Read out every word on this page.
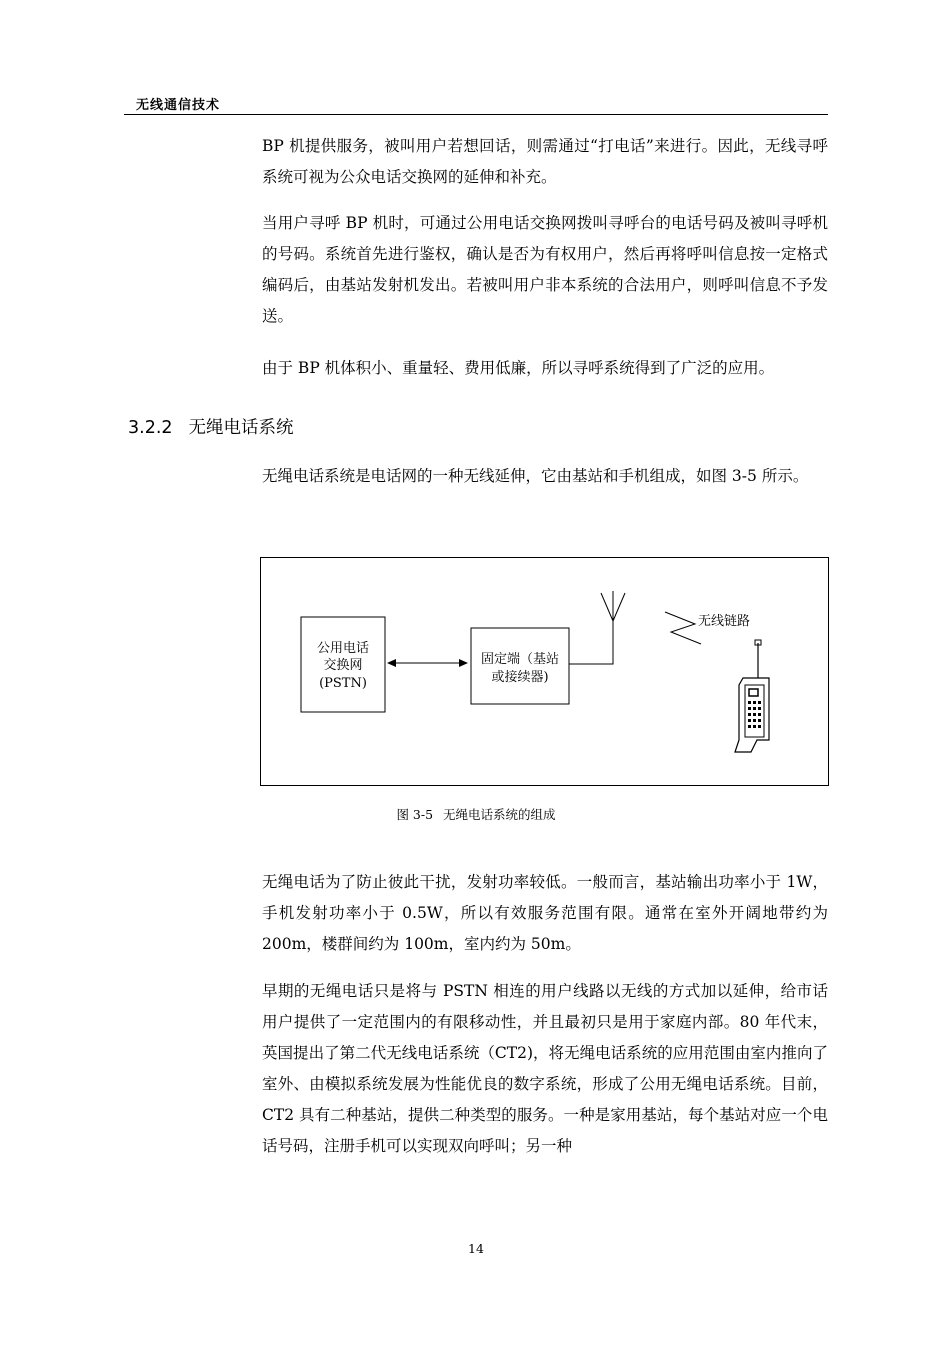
无线通信技术

BP 机提供服务，被叫用户若想回话，则需通过“打电话”来进行。因此，无线寻呼系统可视为公众电话交换网的延伸和补充。

当用户寻呼 BP 机时，可通过公用电话交换网拨叫寻呼台的电话号码及被叫寻呼机的号码。系统首先进行鉴权，确认是否为有权用户，然后再将呼叫信息按一定格式编码后，由基站发射机发出。若被叫用户非本系统的合法用户，则呼叫信息不予发送。

由于 BP 机体积小、重量轻、费用低廉，所以寻呼系统得到了广泛的应用。

3.2.2 无绳电话系统

无绳电话系统是电话网的一种无线延伸，它由基站和手机组成，如图 3-5 所示。

公用电话
交换网
(PSTN)
固定端（基站
或接续器)
无线链路
图 3-5 无绳电话系统的组成

无绳电话为了防止彼此干扰，发射功率较低。一般而言，基站输出功率小于 1W，手机发射功率小于 0.5W，所以有效服务范围有限。通常在室外开阔地带约为 200m，楼群间约为 100m，室内约为 50m。

早期的无绳电话只是将与 PSTN 相连的用户线路以无线的方式加以延伸，给市话用户提供了一定范围内的有限移动性，并且最初只是用于家庭内部。80 年代末，英国提出了第二代无线电话系统（CT2)，将无绳电话系统的应用范围由室内推向了室外、由模拟系统发展为性能优良的数字系统，形成了公用无绳电话系统。目前，CT2 具有二种基站，提供二种类型的服务。一种是家用基站，每个基站对应一个电话号码，注册手机可以实现双向呼叫；另一种

14
